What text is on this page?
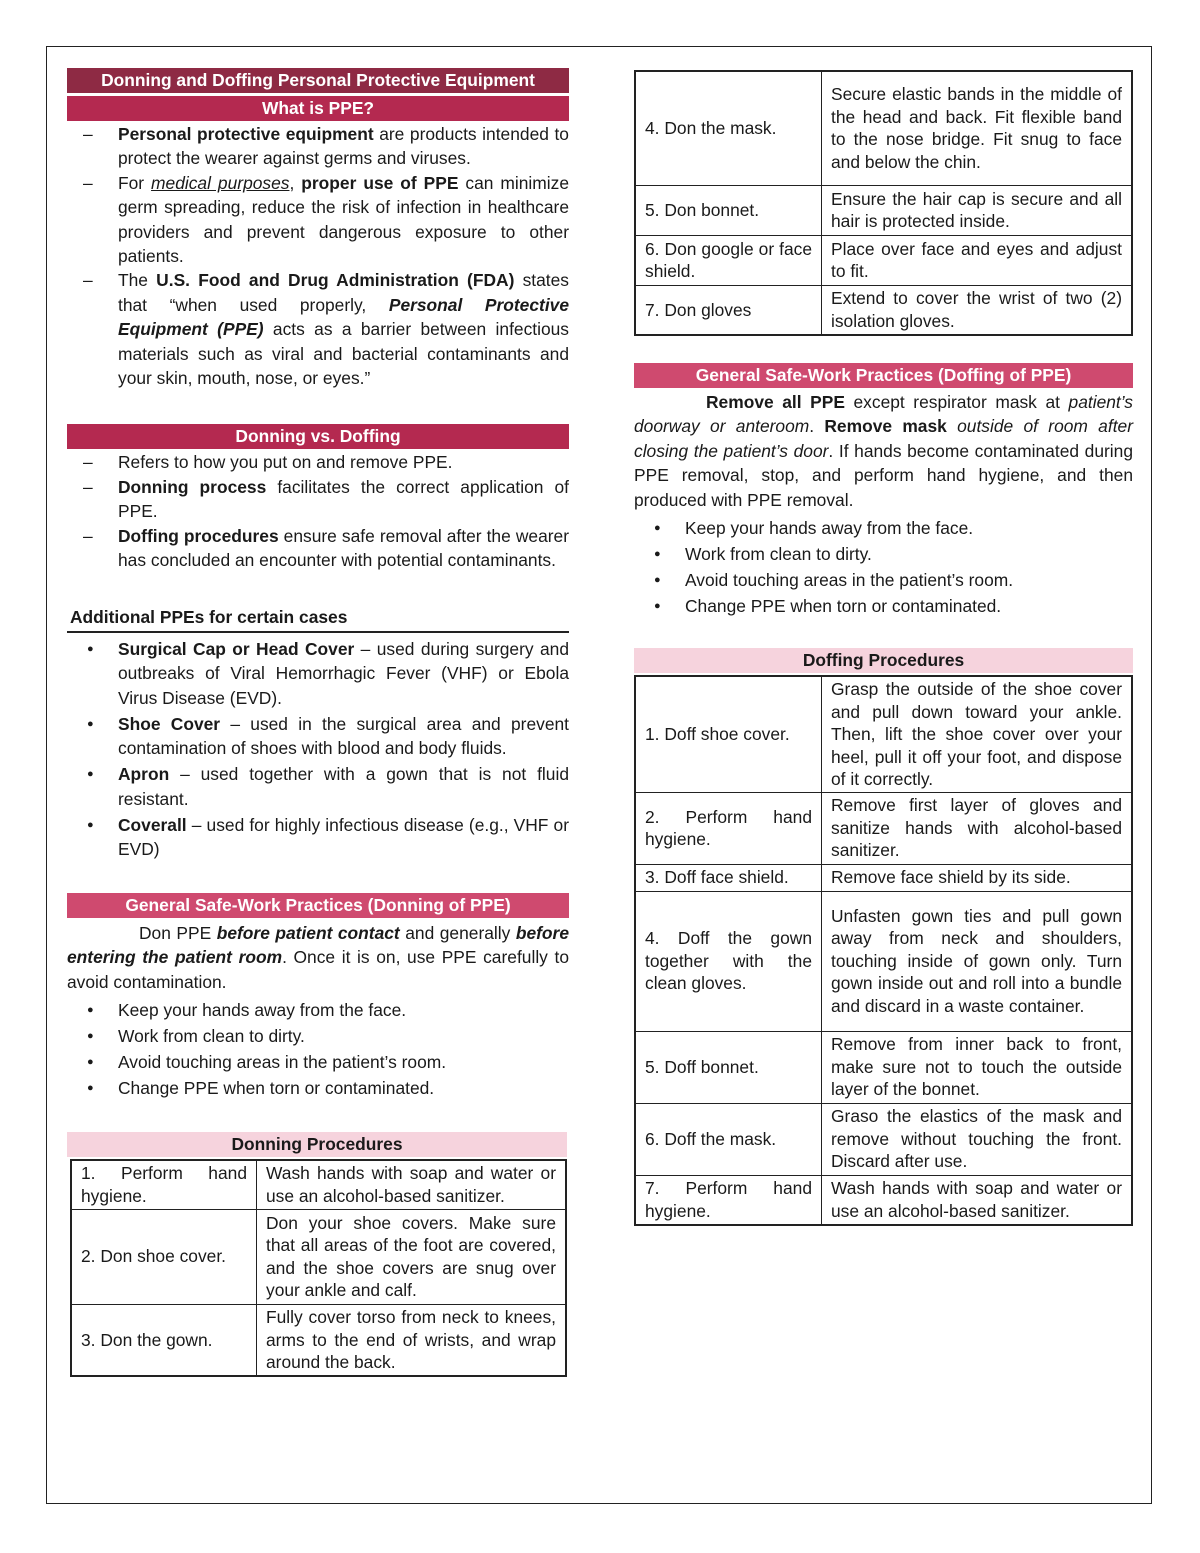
Donning and Doffing Personal Protective Equipment
What is PPE?
– Personal protective equipment are products intended to protect the wearer against germs and viruses.
– For medical purposes, proper use of PPE can minimize germ spreading, reduce the risk of infection in healthcare providers and prevent dangerous exposure to other patients.
– The U.S. Food and Drug Administration (FDA) states that “when used properly, Personal Protective Equipment (PPE) acts as a barrier between infectious materials such as viral and bacterial contaminants and your skin, mouth, nose, or eyes.”
Donning vs. Doffing
– Refers to how you put on and remove PPE.
– Donning process facilitates the correct application of PPE.
– Doffing procedures ensure safe removal after the wearer has concluded an encounter with potential contaminants.
Additional PPEs for certain cases
● Surgical Cap or Head Cover – used during surgery and outbreaks of Viral Hemorrhagic Fever (VHF) or Ebola Virus Disease (EVD).
● Shoe Cover – used in the surgical area and prevent contamination of shoes with blood and body fluids.
● Apron – used together with a gown that is not fluid resistant.
● Coverall – used for highly infectious disease (e.g., VHF or EVD)
General Safe-Work Practices (Donning of PPE)

Don PPE before patient contact and generally before entering the patient room. Once it is on, use PPE carefully to avoid contamination.

● Keep your hands away from the face.
● Work from clean to dirty.
● Avoid touching areas in the patient’s room.
● Change PPE when torn or contaminated.
Donning Procedures
1. Perform hand hygiene.	Wash hands with soap and water or use an alcohol-based sanitizer.
2. Don shoe cover.	Don your shoe covers. Make sure that all areas of the foot are covered, and the shoe covers are snug over your ankle and calf.
3. Don the gown.	Fully cover torso from neck to knees, arms to the end of wrists, and wrap around the back.
4. Don the mask.	Secure elastic bands in the middle of the head and back. Fit flexible band to the nose bridge. Fit snug to face and below the chin.
5. Don bonnet.	Ensure the hair cap is secure and all hair is protected inside.
6. Don google or face shield.	Place over face and eyes and adjust to fit.
7. Don gloves	Extend to cover the wrist of two (2) isolation gloves.
General Safe-Work Practices (Doffing of PPE)

Remove all PPE except respirator mask at patient’s doorway or anteroom. Remove mask outside of room after closing the patient’s door. If hands become contaminated during PPE removal, stop, and perform hand hygiene, and then produced with PPE removal.

● Keep your hands away from the face.
● Work from clean to dirty.
● Avoid touching areas in the patient’s room.
● Change PPE when torn or contaminated.
Doffing Procedures
1. Doff shoe cover.	Grasp the outside of the shoe cover and pull down toward your ankle. Then, lift the shoe cover over your heel, pull it off your foot, and dispose of it correctly.
2. Perform hand hygiene.	Remove first layer of gloves and sanitize hands with alcohol-based sanitizer.
3. Doff face shield.	Remove face shield by its side.
4. Doff the gown together with the clean gloves.	Unfasten gown ties and pull gown away from neck and shoulders, touching inside of gown only. Turn gown inside out and roll into a bundle and discard in a waste container.
5. Doff bonnet.	Remove from inner back to front, make sure not to touch the outside layer of the bonnet.
6. Doff the mask.	Graso the elastics of the mask and remove without touching the front. Discard after use.
7. Perform hand hygiene.	Wash hands with soap and water or use an alcohol-based sanitizer.
